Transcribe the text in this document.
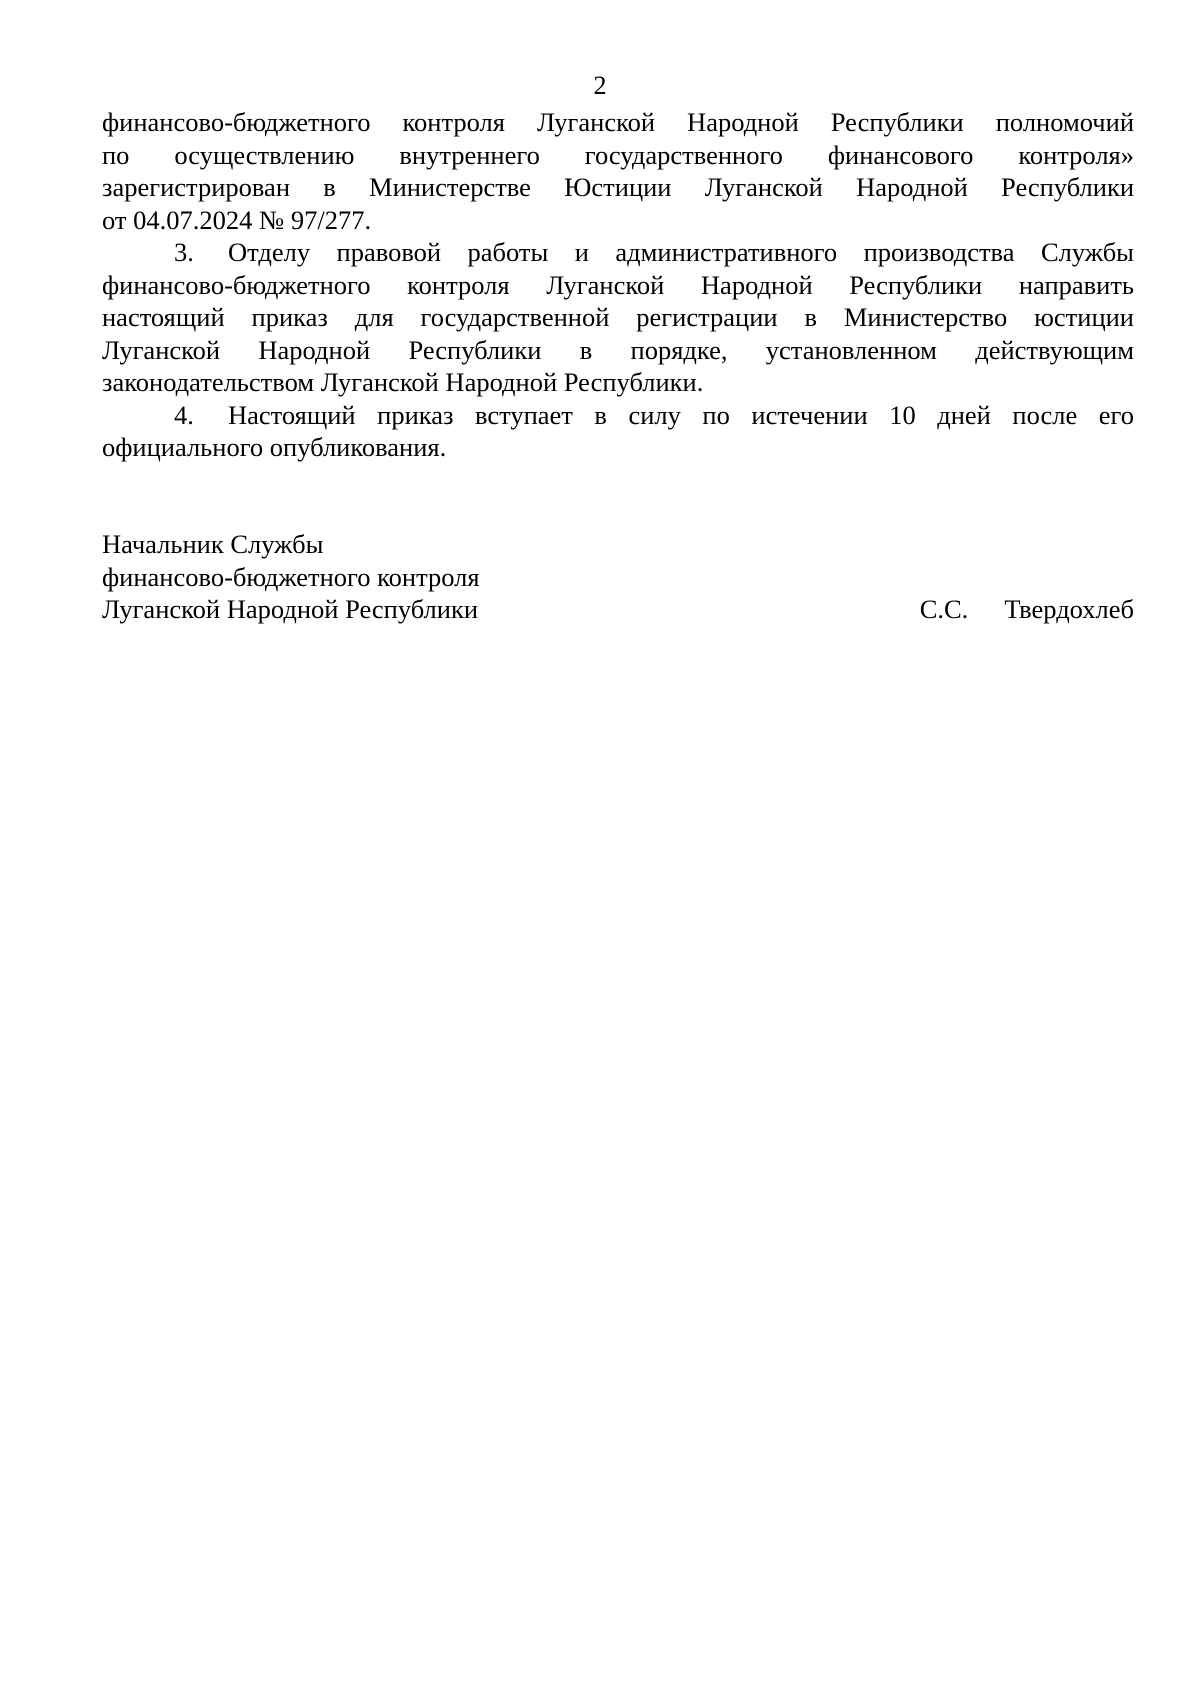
2
финансово-бюджетного контроля Луганской Народной Республики полномочий
по осуществлению внутреннего государственного финансового контроля»
зарегистрирован в Министерстве Юстиции Луганской Народной Республики
от 04.07.2024 № 97/277.
3. Отделу правовой работы и административного производства Службы
финансово-бюджетного контроля Луганской Народной Республики направить
настоящий приказ для государственной регистрации в Министерство юстиции
Луганской Народной Республики в порядке, установленном действующим
законодательством Луганской Народной Республики.
4. Настоящий приказ вступает в силу по истечении 10 дней после его
официального опубликования.
Начальник Службы
финансово-бюджетного контроля
Луганской Народной Республики	С.С. Твердохлеб
